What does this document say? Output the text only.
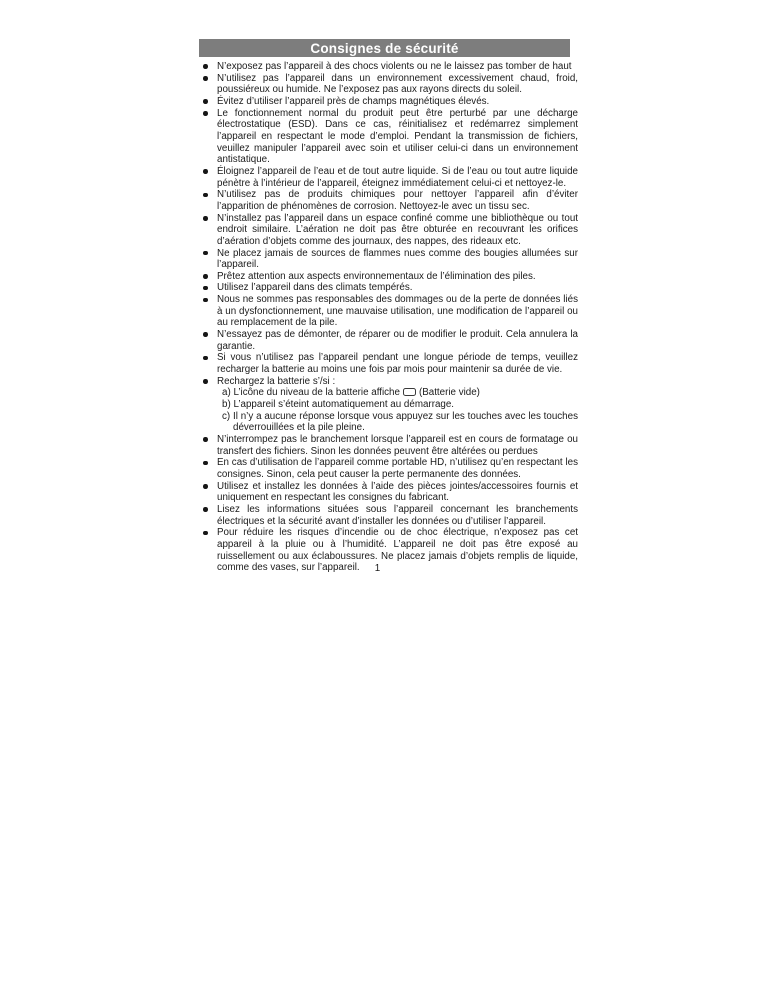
Consignes de sécurité
N’exposez pas l’appareil à des chocs violents ou ne le laissez pas tomber de haut
N’utilisez pas l’appareil dans un environnement excessivement chaud, froid, poussiéreux ou humide. Ne l’exposez pas aux rayons directs du soleil.
Évitez d’utiliser l’appareil près de champs magnétiques élevés.
Le fonctionnement normal du produit peut être perturbé par une décharge électrostatique (ESD). Dans ce cas, réinitialisez et redémarrez simplement l’appareil en respectant le mode d’emploi. Pendant la transmission de fichiers, veuillez manipuler l’appareil avec soin et utiliser celui-ci dans un environnement antistatique.
Éloignez l’appareil de l’eau et de tout autre liquide. Si de l’eau ou tout autre liquide pénètre à l’intérieur de l’appareil, éteignez immédiatement celui-ci et nettoyez-le.
N’utilisez pas de produits chimiques pour nettoyer l’appareil afin d’éviter l’apparition de phénomènes de corrosion. Nettoyez-le avec un tissu sec.
N’installez pas l’appareil dans un espace confiné comme une bibliothèque ou tout endroit similaire. L’aération ne doit pas être obturée en recouvrant les orifices d’aération d’objets comme des journaux, des nappes, des rideaux etc.
Ne placez jamais de sources de flammes nues comme des bougies allumées sur l’appareil.
Prêtez attention aux aspects environnementaux de l’élimination des piles.
Utilisez l’appareil dans des climats tempérés.
Nous ne sommes pas responsables des dommages ou de la perte de données liés à un dysfonctionnement, une mauvaise utilisation, une modification de l’appareil ou au remplacement de la pile.
N’essayez pas de démonter, de réparer ou de modifier le produit. Cela annulera la garantie.
Si vous n’utilisez pas l’appareil pendant une longue période de temps, veuillez recharger la batterie au moins une fois par mois pour maintenir sa durée de vie.
Rechargez la batterie s’/si :
a) L’icône du niveau de la batterie affiche (Batterie vide)
b) L’appareil s’éteint automatiquement au démarrage.
c) Il n’y a aucune réponse lorsque vous appuyez sur les touches avec les touches déverrouillées et la pile pleine.
N’interrompez pas le branchement lorsque l’appareil est en cours de formatage ou transfert des fichiers. Sinon les données peuvent être altérées ou perdues
En cas d’utilisation de l’appareil comme portable HD, n’utilisez qu’en respectant les consignes. Sinon, cela peut causer la perte permanente des données.
Utilisez et installez les données à l’aide des pièces jointes/accessoires fournis et uniquement en respectant les consignes du fabricant.
Lisez les informations situées sous l’appareil concernant les branchements électriques et la sécurité avant d’installer les données ou d’utiliser l’appareil.
Pour réduire les risques d’incendie ou de choc électrique, n’exposez pas cet appareil à la pluie ou à l’humidité. L’appareil ne doit pas être exposé au ruissellement ou aux éclaboussures. Ne placez jamais d’objets remplis de liquide, comme des vases, sur l’appareil.	1
